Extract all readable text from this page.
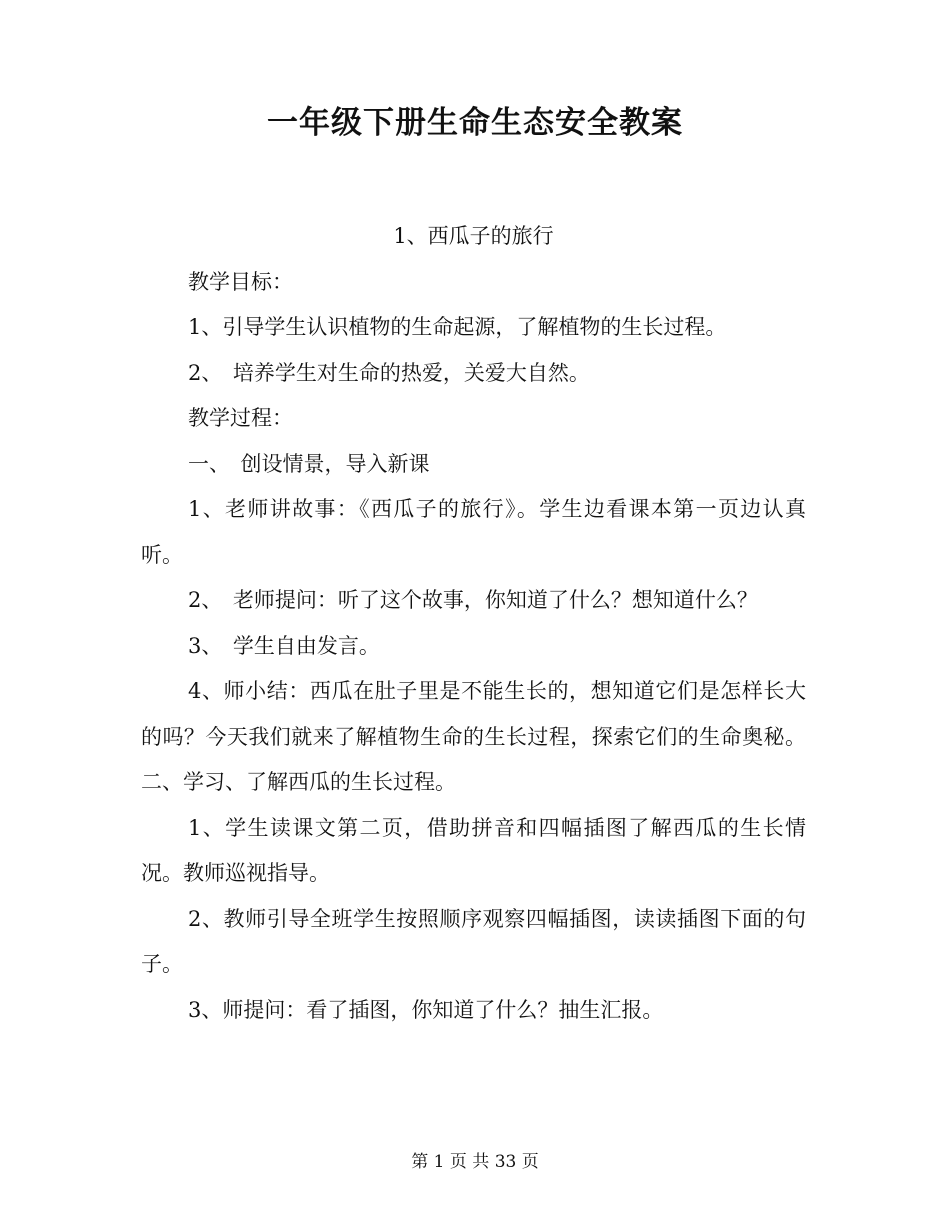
一年级下册生命生态安全教案

1、西瓜子的旅行

教学目标：

1、引导学生认识植物的生命起源，了解植物的生长过程。

2、　培养学生对生命的热爱，关爱大自然。

教学过程：

一、　创设情景，导入新课

1、老师讲故事：《西瓜子的旅行》。学生边看课本第一页边认真听。

2、　老师提问：听了这个故事，你知道了什么？想知道什么？

3、　学生自由发言。

4、师小结：西瓜在肚子里是不能生长的，想知道它们是怎样长大的吗？今天我们就来了解植物生命的生长过程，探索它们的生命奥秘。二、学习、了解西瓜的生长过程。

1、学生读课文第二页，借助拼音和四幅插图了解西瓜的生长情况。教师巡视指导。

2、教师引导全班学生按照顺序观察四幅插图，读读插图下面的句子。

3、师提问：看了插图，你知道了什么？抽生汇报。

第 1 页 共 33 页
